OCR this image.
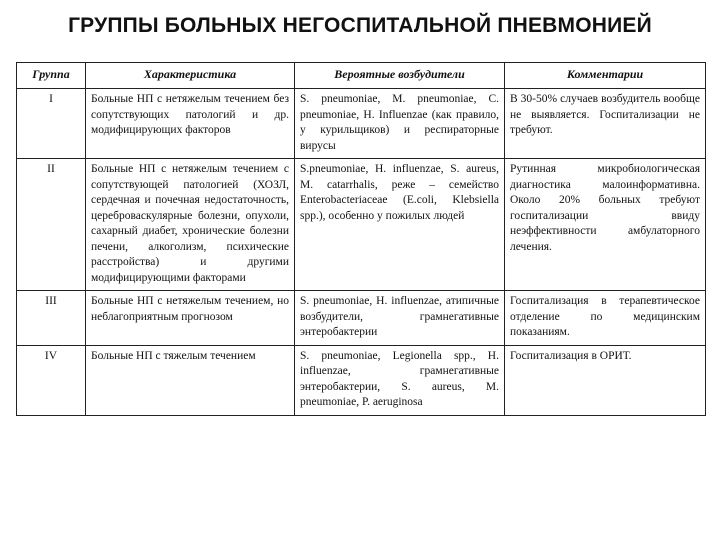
ГРУППЫ БОЛЬНЫХ НЕГОСПИТАЛЬНОЙ ПНЕВМОНИЕЙ
Группа	Характеристика	Вероятные возбудители	Комментарии
I	Больные НП с нетяжелым течением без сопутствующих патологий и др. модифицирующих факторов	S. pneumoniae, M. pneumoniae, C. pneumoniae, H. Influenzae (как правило, у курильщиков) и респираторные вирусы	В 30-50% случаев возбудитель вообще не выявляется. Госпитализации не требуют.
II	Больные НП с нетяжелым течением с сопутствующей патологией (ХОЗЛ, сердечная и почечная недостаточность, цереброваскулярные болезни, опухоли, сахарный диабет, хронические болезни печени, алкоголизм, психические расстройства) и другими модифицирующими факторами	S.pneumoniae, H. influenzae, S. aureus, M. catarrhalis, реже – семейство Enterobacteriaceae (E.coli, Klebsiella spp.), особенно у пожилых людей	Рутинная микробиологическая диагностика малоинформативна. Около 20% больных требуют госпитализации ввиду неэффективности амбулаторного лечения.
III	Больные НП с нетяжелым течением, но неблагоприятным прогнозом	S. pneumoniae, H. influenzae, атипичные возбудители, грамнегативные энтеробактерии	Госпитализация в терапевтическое отделение по медицинским показаниям.
IV	Больные НП с тяжелым течением	S. pneumoniae, Legionella spp., H. influenzae, грамнегативные энтеробактерии, S. aureus, M. pneumoniae, P. aeruginosa	Госпитализация в ОРИТ.
